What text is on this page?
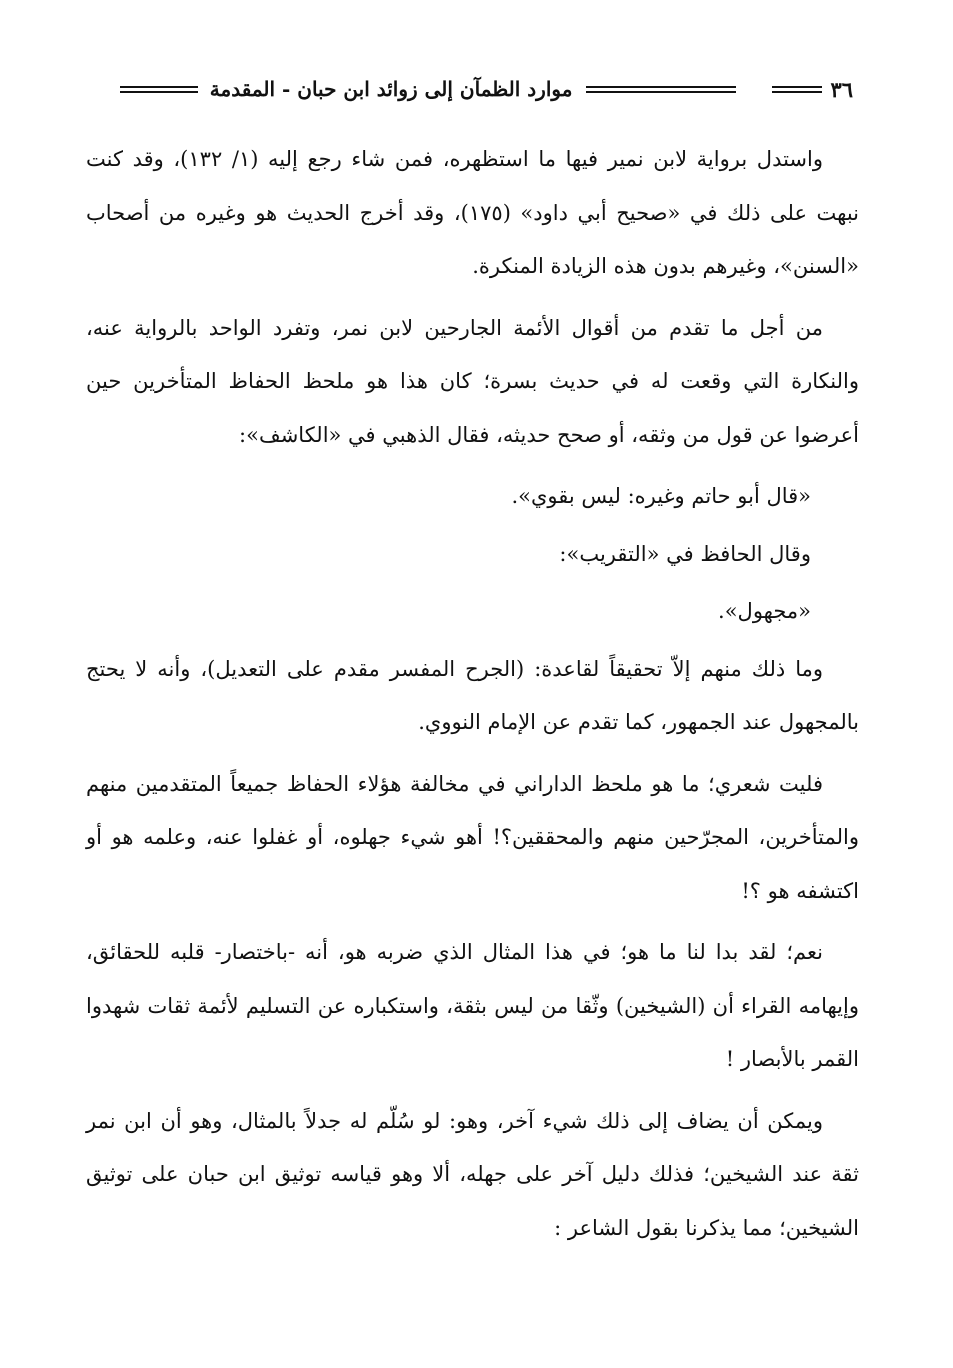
٣٦
موارد الظمآن إلى زوائد ابن حبان - المقدمة

واستدل برواية لابن نمير فيها ما استظهره، فمن شاء رجع إليه (١/ ١٣٢)، وقد كنت نبهت على ذلك في «صحيح أبي داود» (١٧٥)، وقد أخرج الحديث هو وغيره من أصحاب «السنن»، وغيرهم بدون هذه الزيادة المنكرة.

من أجل ما تقدم من أقوال الأئمة الجارحين لابن نمر، وتفرد الواحد بالرواية عنه، والنكارة التي وقعت له في حديث بسرة؛ كان هذا هو ملحظ الحفاظ المتأخرين حين أعرضوا عن قول من وثقه، أو صحح حديثه، فقال الذهبي في «الكاشف»:

«قال أبو حاتم وغيره: ليس بقوي».

وقال الحافظ في «التقريب»:

«مجهول».

وما ذلك منهم إلاّ تحقيقاً لقاعدة: (الجرح المفسر مقدم على التعديل)، وأنه لا يحتج بالمجهول عند الجمهور، كما تقدم عن الإمام النووي.

فليت شعري؛ ما هو ملحظ الداراني في مخالفة هؤلاء الحفاظ جميعاً المتقدمين منهم والمتأخرين، المجرّحين منهم والمحققين؟! أهو شيء جهلوه، أو غفلوا عنه، وعلمه هو أو اكتشفه هو ؟!

نعم؛ لقد بدا لنا ما هو؛ في هذا المثال الذي ضربه هو، أنه -باختصار- قلبه للحقائق، وإيهامه القراء أن (الشيخين) وثّقا من ليس بثقة، واستكباره عن التسليم لأئمة ثقات شهدوا القمر بالأبصار !

ويمكن أن يضاف إلى ذلك شيء آخر، وهو: لو سُلّم له جدلاً بالمثال، وهو أن ابن نمر ثقة عند الشيخين؛ فذلك دليل آخر على جهله، ألا وهو قياسه توثيق ابن حبان على توثيق الشيخين؛ مما يذكرنا بقول الشاعر :
